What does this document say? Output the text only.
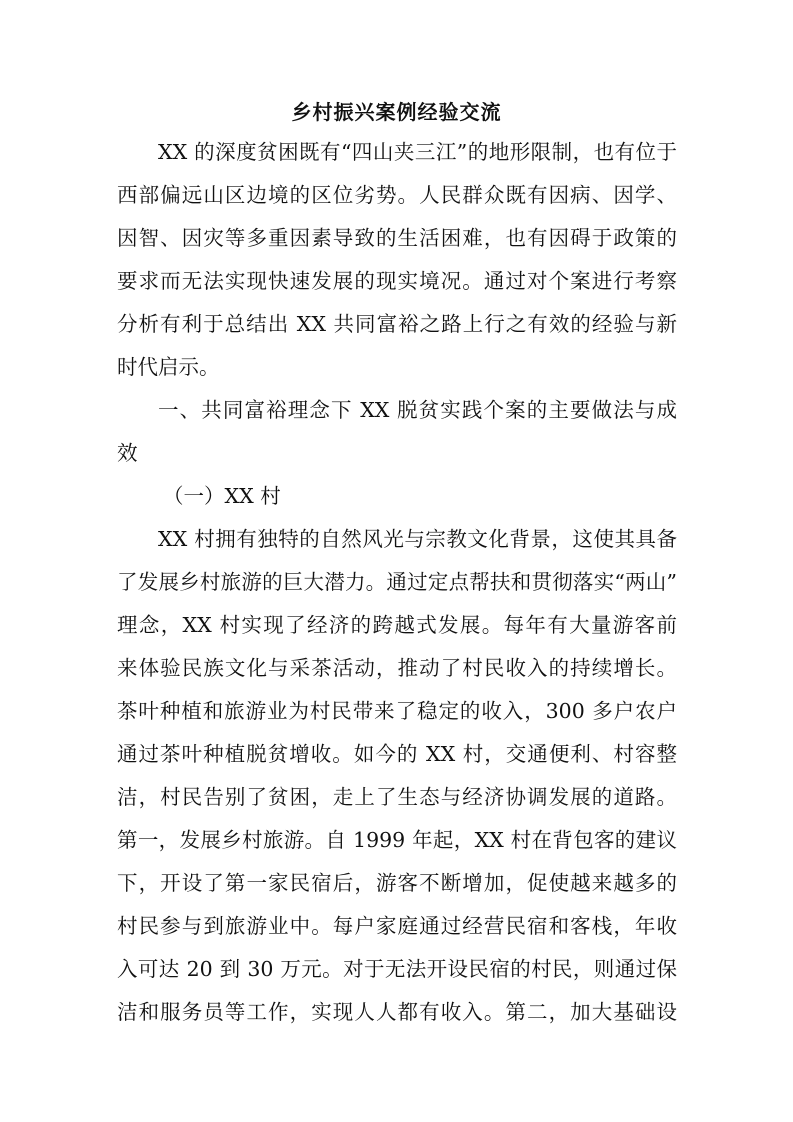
乡村振兴案例经验交流
XX 的深度贫困既有“四山夹三江”的地形限制，也有位于
西部偏远山区边境的区位劣势。人民群众既有因病、因学、
因智、因灾等多重因素导致的生活困难，也有因碍于政策的
要求而无法实现快速发展的现实境况。通过对个案进行考察
分析有利于总结出 XX 共同富裕之路上行之有效的经验与新
时代启示。
一、共同富裕理念下 XX 脱贫实践个案的主要做法与成
效
（一）XX 村
XX 村拥有独特的自然风光与宗教文化背景，这使其具备
了发展乡村旅游的巨大潜力。通过定点帮扶和贯彻落实“两山”
理念，XX 村实现了经济的跨越式发展。每年有大量游客前
来体验民族文化与采茶活动，推动了村民收入的持续增长。
茶叶种植和旅游业为村民带来了稳定的收入，300 多户农户
通过茶叶种植脱贫增收。如今的 XX 村，交通便利、村容整
洁，村民告别了贫困，走上了生态与经济协调发展的道路。
第一，发展乡村旅游。自 1999 年起，XX 村在背包客的建议
下，开设了第一家民宿后，游客不断增加，促使越来越多的
村民参与到旅游业中。每户家庭通过经营民宿和客栈，年收
入可达 20 到 30 万元。对于无法开设民宿的村民，则通过保
洁和服务员等工作，实现人人都有收入。第二，加大基础设
